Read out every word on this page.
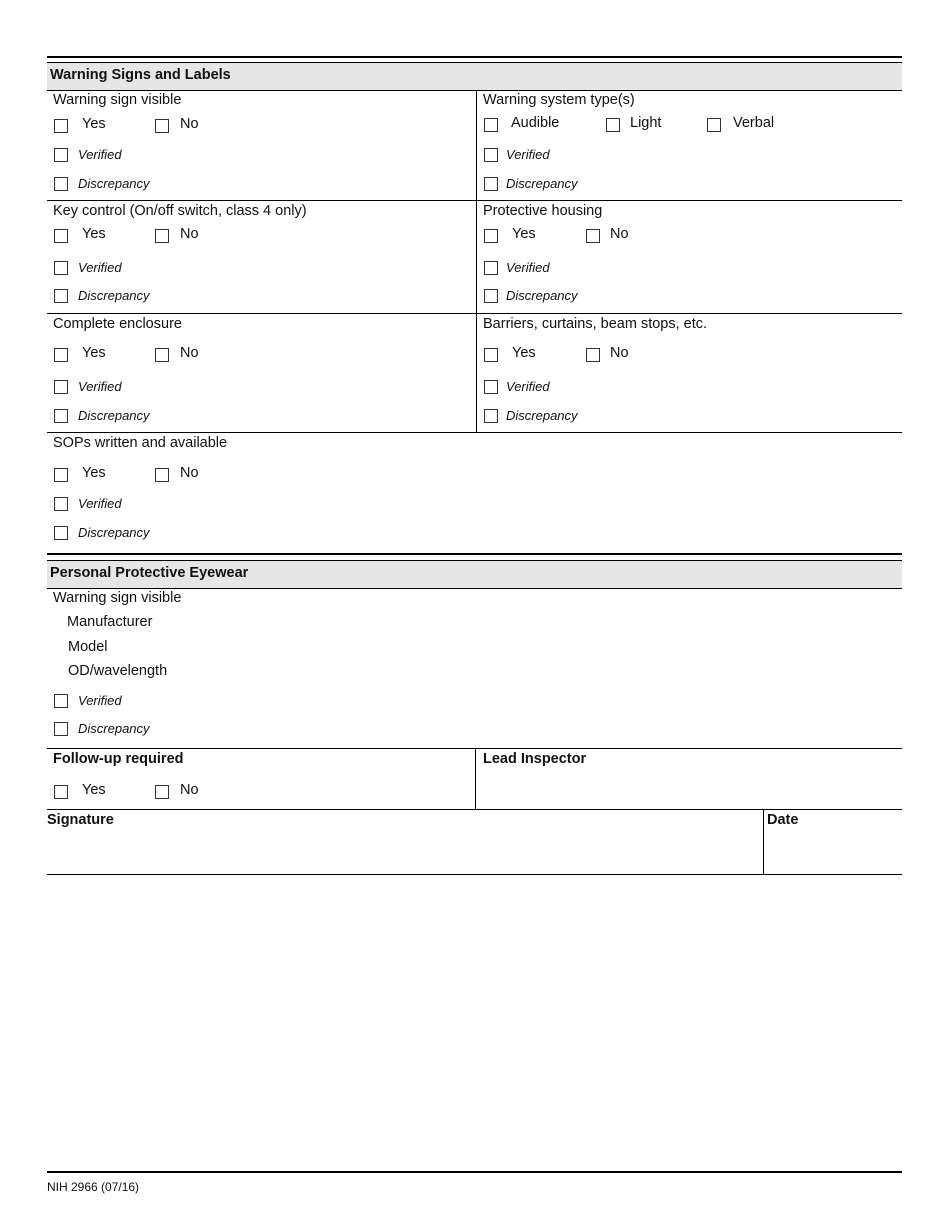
Warning Signs and Labels
Warning sign visible
Yes	No
Verified
Discrepancy
Warning system type(s)
Audible	Light	Verbal
Verified
Discrepancy
Key control (On/off switch, class 4 only)
Yes	No
Verified
Discrepancy
Protective housing
Yes	No
Verified
Discrepancy
Complete enclosure
Yes	No
Verified
Discrepancy
Barriers, curtains, beam stops, etc.
Yes	No
Verified
Discrepancy
SOPs written and available
Yes	No
Verified
Discrepancy
Personal Protective Eyewear
Warning sign visible
Manufacturer
Model
OD/wavelength
Verified
Discrepancy
Follow-up required
Yes	No
Lead Inspector
Signature	Date
NIH 2966 (07/16)
